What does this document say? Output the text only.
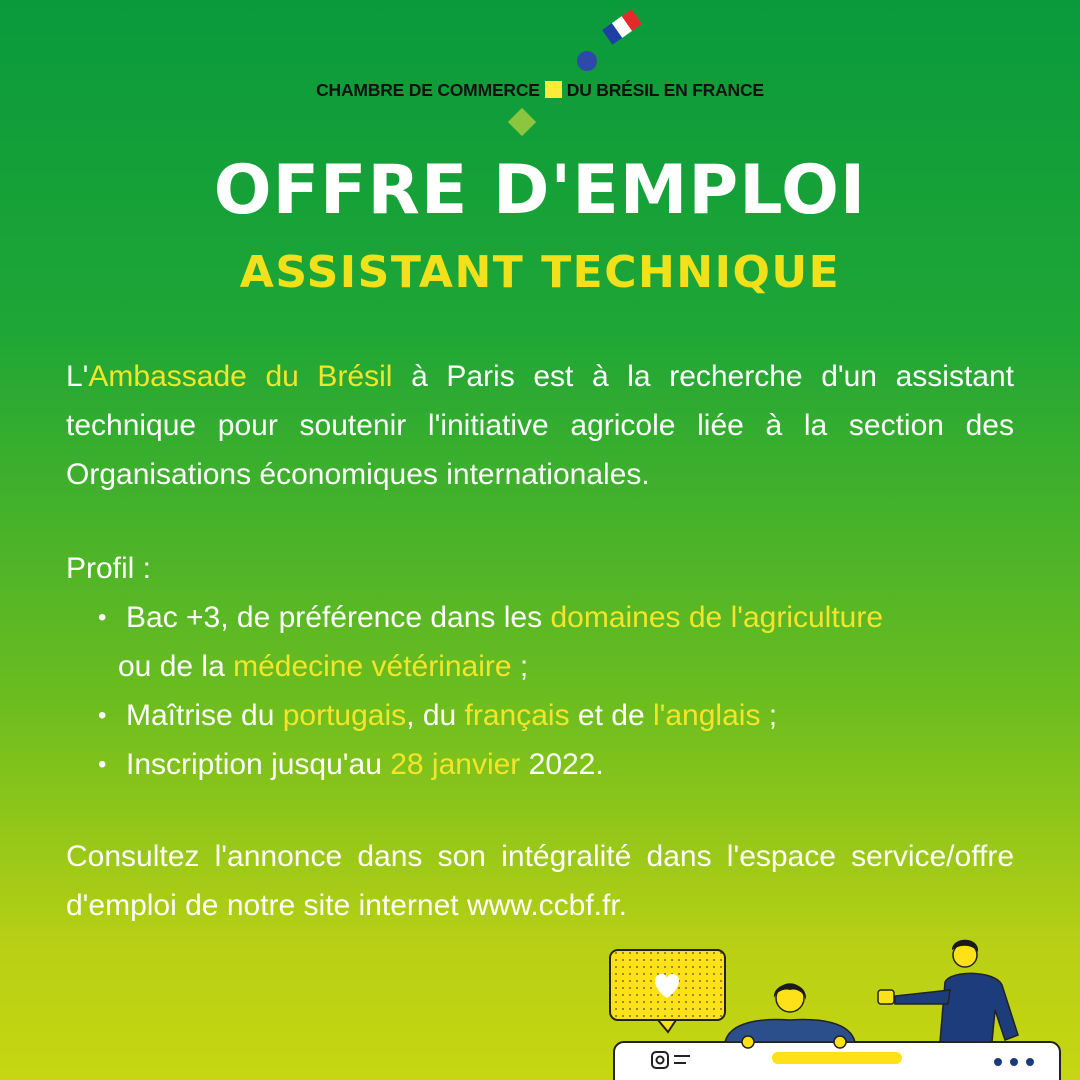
CHAMBRE DE COMMERCE DU BRÉSIL EN FRANCE
OFFRE D'EMPLOI
ASSISTANT TECHNIQUE
L'Ambassade du Brésil à Paris est à la recherche d'un assistant technique pour soutenir l'initiative agricole liée à la section des Organisations économiques internationales.
Profil :
• Bac +3, de préférence dans les domaines de l'agriculture
ou de la médecine vétérinaire ;
• Maîtrise du portugais, du français et de l'anglais ;
• Inscription jusqu'au 28 janvier 2022.
Consultez l'annonce dans son intégralité dans l'espace service/offre d'emploi de notre site internet www.ccbf.fr.
